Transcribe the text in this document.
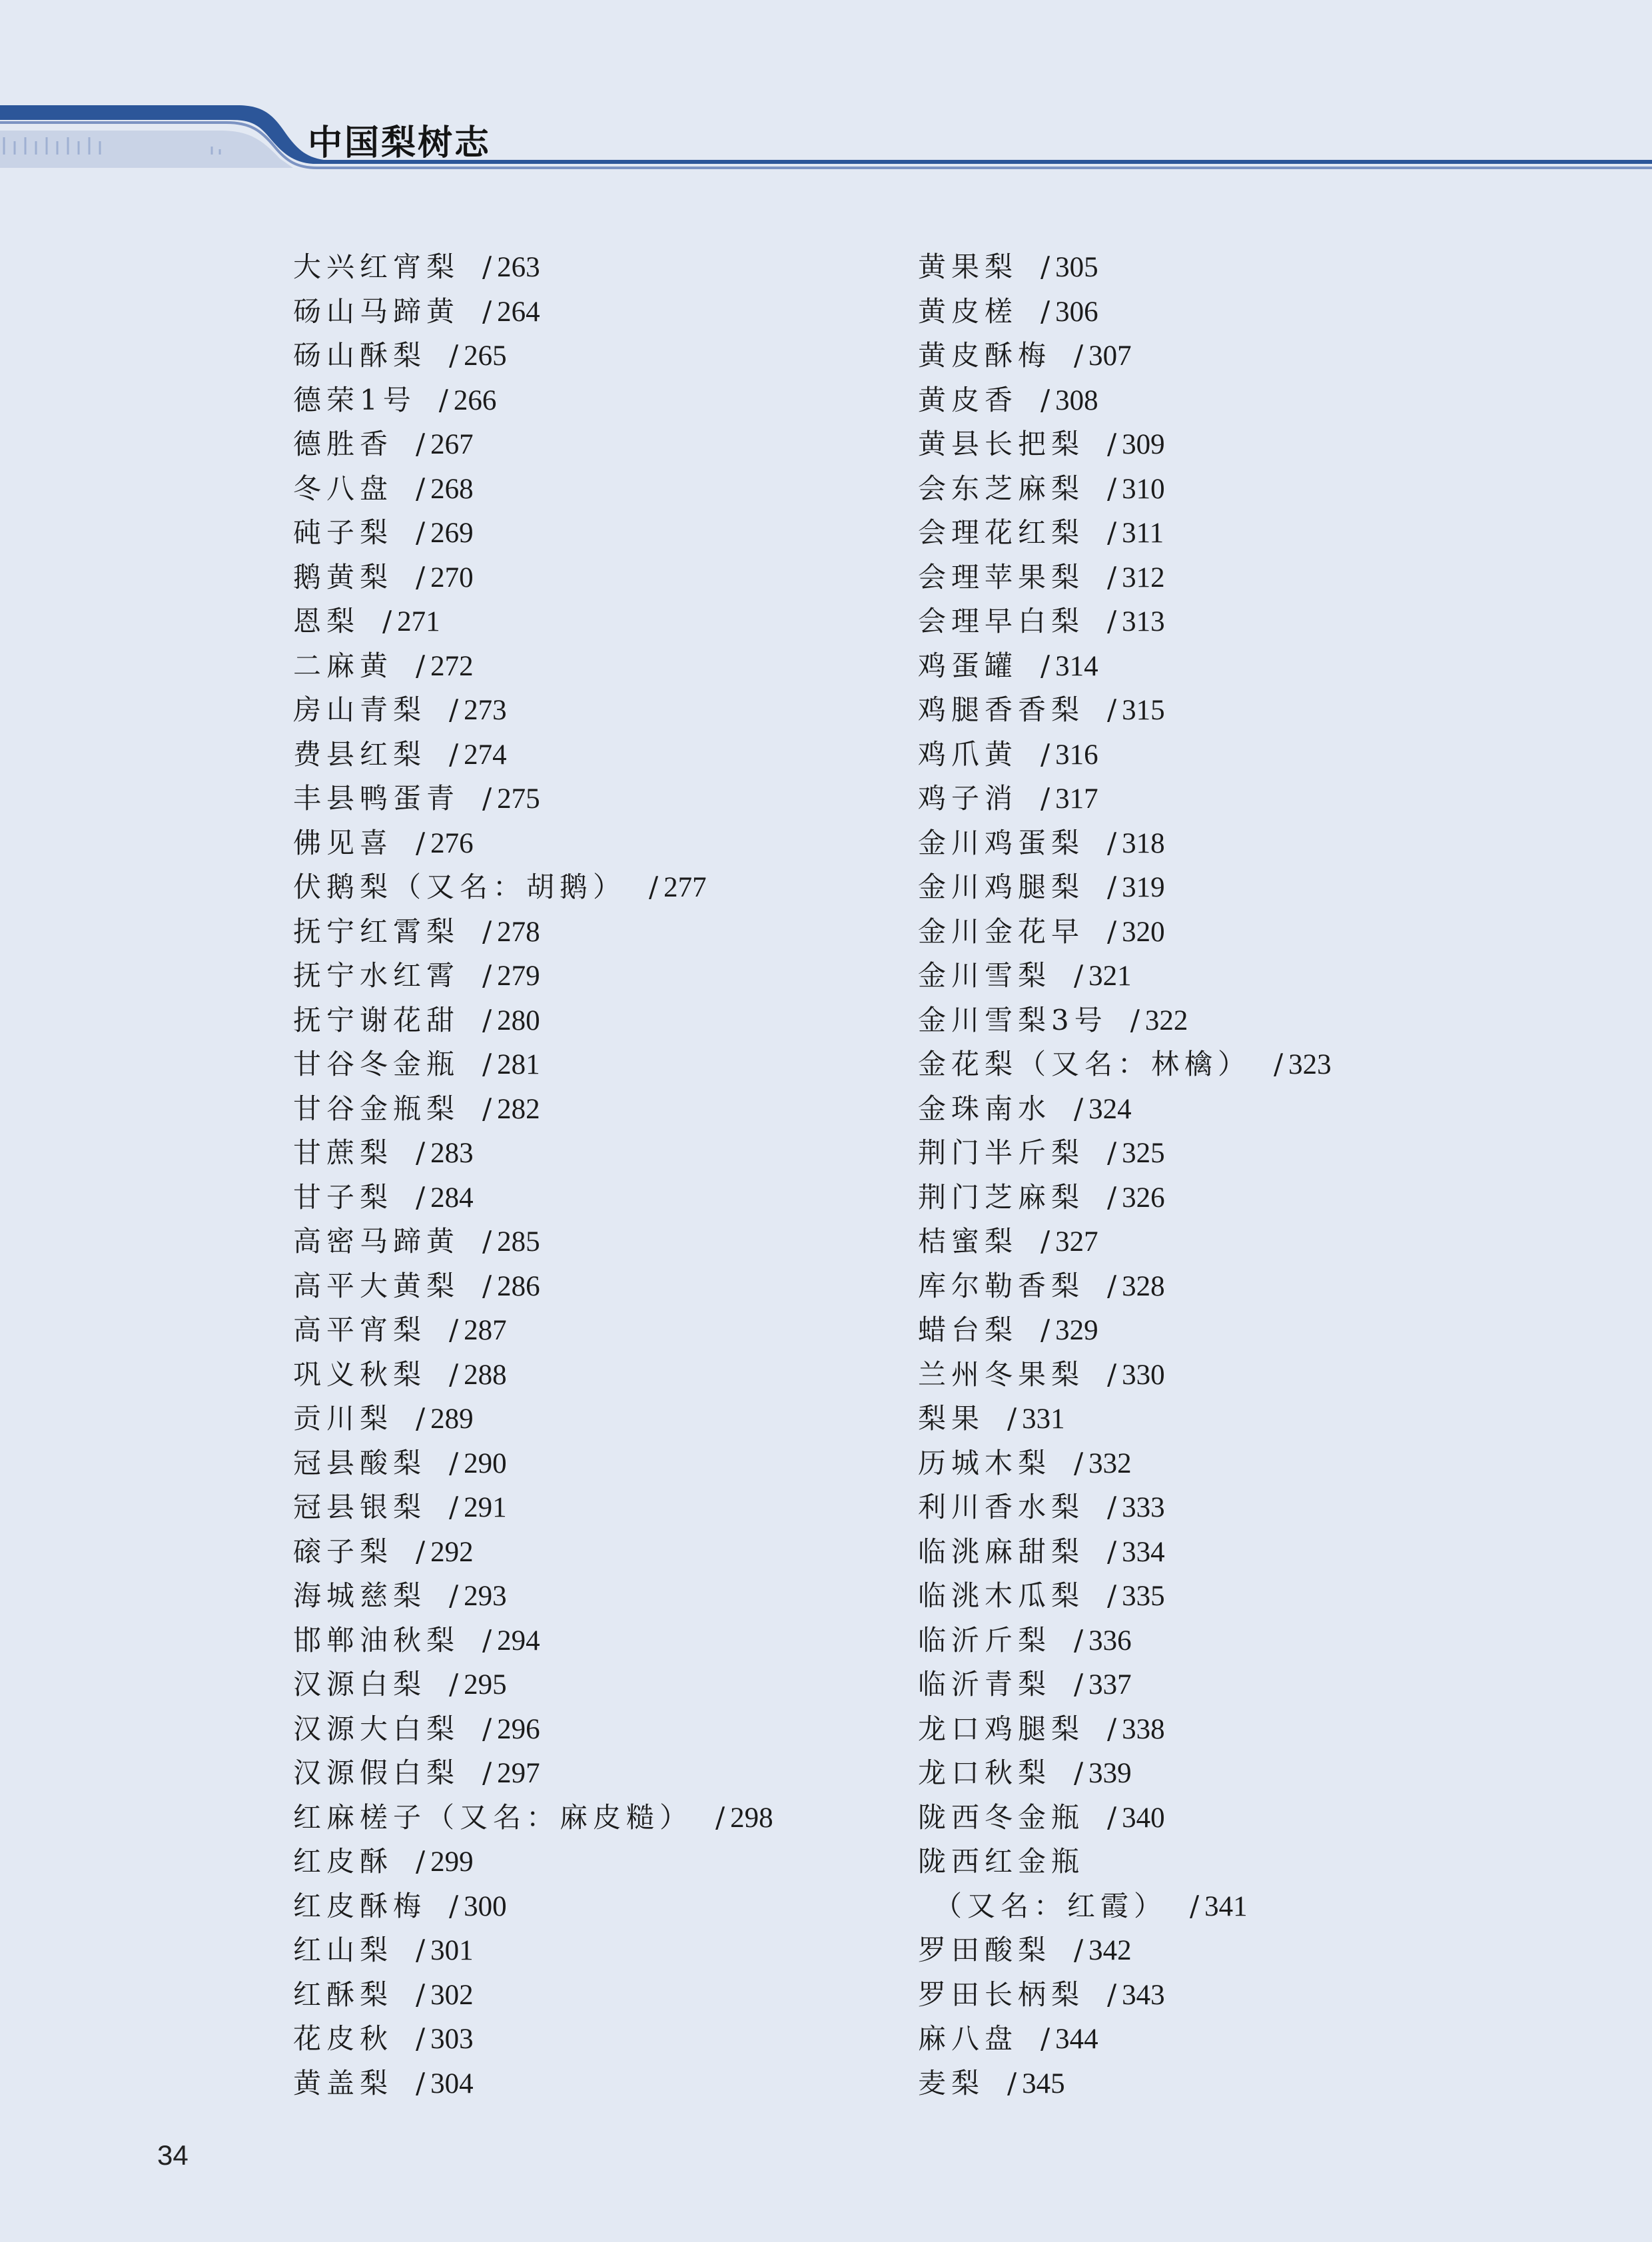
中国梨树志
大兴红宵梨 / 263
砀山马蹄黄 / 264
砀山酥梨 / 265
德荣1号 / 266
德胜香 / 267
冬八盘 / 268
砘子梨 / 269
鹅黄梨 / 270
恩梨 / 271
二麻黄 / 272
房山青梨 / 273
费县红梨 / 274
丰县鸭蛋青 / 275
佛见喜 / 276
伏鹅梨（又名：胡鹅） / 277
抚宁红霄梨 / 278
抚宁水红霄 / 279
抚宁谢花甜 / 280
甘谷冬金瓶 / 281
甘谷金瓶梨 / 282
甘蔗梨 / 283
甘子梨 / 284
高密马蹄黄 / 285
高平大黄梨 / 286
高平宵梨 / 287
巩义秋梨 / 288
贡川梨 / 289
冠县酸梨 / 290
冠县银梨 / 291
磙子梨 / 292
海城慈梨 / 293
邯郸油秋梨 / 294
汉源白梨 / 295
汉源大白梨 / 296
汉源假白梨 / 297
红麻槎子（又名：麻皮糙） / 298
红皮酥 / 299
红皮酥梅 / 300
红山梨 / 301
红酥梨 / 302
花皮秋 / 303
黄盖梨 / 304
黄果梨 / 305
黄皮槎 / 306
黄皮酥梅 / 307
黄皮香 / 308
黄县长把梨 / 309
会东芝麻梨 / 310
会理花红梨 / 311
会理苹果梨 / 312
会理早白梨 / 313
鸡蛋罐 / 314
鸡腿香香梨 / 315
鸡爪黄 / 316
鸡子消 / 317
金川鸡蛋梨 / 318
金川鸡腿梨 / 319
金川金花早 / 320
金川雪梨 / 321
金川雪梨3号 / 322
金花梨（又名：林檎） / 323
金珠南水 / 324
荆门半斤梨 / 325
荆门芝麻梨 / 326
桔蜜梨 / 327
库尔勒香梨 / 328
蜡台梨 / 329
兰州冬果梨 / 330
梨果 / 331
历城木梨 / 332
利川香水梨 / 333
临洮麻甜梨 / 334
临洮木瓜梨 / 335
临沂斤梨 / 336
临沂青梨 / 337
龙口鸡腿梨 / 338
龙口秋梨 / 339
陇西冬金瓶 / 340
陇西红金瓶
（又名：红霞） / 341
罗田酸梨 / 342
罗田长柄梨 / 343
麻八盘 / 344
麦梨 / 345
34
